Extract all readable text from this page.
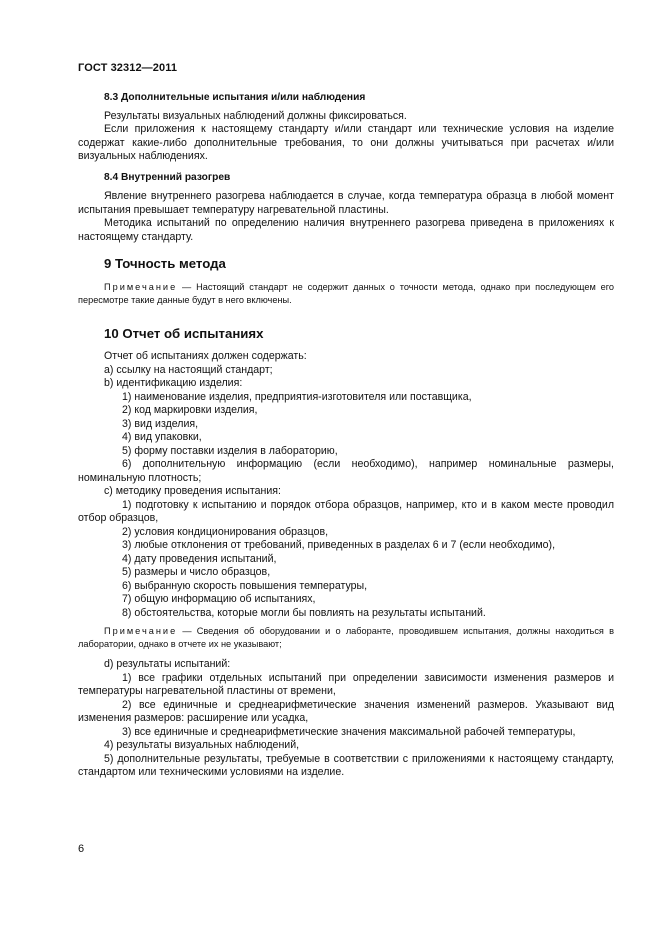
ГОСТ 32312—2011

8.3 Дополнительные испытания и/или наблюдения

Результаты визуальных наблюдений должны фиксироваться.

Если приложения к настоящему стандарту и/или стандарт или технические условия на изделие содержат какие-либо дополнительные требования, то они должны учитываться при расчетах и/или визуальных наблюдениях.

8.4 Внутренний разогрев

Явление внутреннего разогрева наблюдается в случае, когда температура образца в любой момент испытания превышает температуру нагревательной пластины.

Методика испытаний по определению наличия внутреннего разогрева приведена в приложениях к настоящему стандарту.

9 Точность метода

Примечание — Настоящий стандарт не содержит данных о точности метода, однако при последующем его пересмотре такие данные будут в него включены.

10 Отчет об испытаниях

Отчет об испытаниях должен содержать:

а) ссылку на настоящий стандарт;

b) идентификацию изделия:

1) наименование изделия, предприятия-изготовителя или поставщика,

2) код маркировки изделия,

3) вид изделия,

4) вид упаковки,

5) форму поставки изделия в лабораторию,

6) дополнительную информацию (если необходимо), например номинальные размеры, номинальную плотность;

c) методику проведения испытания:

1) подготовку к испытанию и порядок отбора образцов, например, кто и в каком месте проводил отбор образцов,

2) условия кондиционирования образцов,

3) любые отклонения от требований, приведенных в разделах 6 и 7 (если необходимо),

4) дату проведения испытаний,

5) размеры и число образцов,

6) выбранную скорость повышения температуры,

7) общую информацию об испытаниях,

8) обстоятельства, которые могли бы повлиять на результаты испытаний.

Примечание — Сведения об оборудовании и о лаборанте, проводившем испытания, должны находиться в лаборатории, однако в отчете их не указывают;

d) результаты испытаний:

1) все графики отдельных испытаний при определении зависимости изменения размеров и температуры нагревательной пластины от времени,

2) все единичные и среднеарифметические значения изменений размеров. Указывают вид изменения размеров: расширение или усадка,

3) все единичные и среднеарифметические значения максимальной рабочей температуры,

4) результаты визуальных наблюдений,

5) дополнительные результаты, требуемые в соответствии с приложениями к настоящему стандарту, стандартом или техническими условиями на изделие.

6
